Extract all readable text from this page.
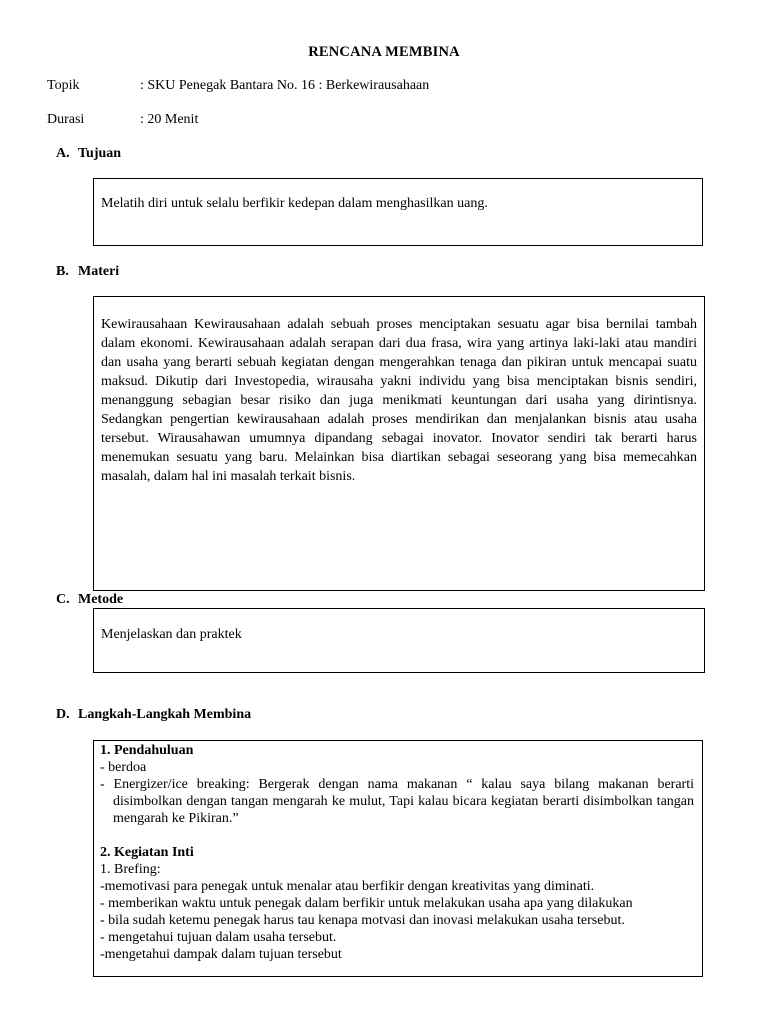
RENCANA MEMBINA
Topik	: SKU Penegak Bantara No. 16 : Berkewirausahaan
Durasi	: 20 Menit
A. Tujuan

Melatih diri untuk selalu berfikir kedepan dalam menghasilkan uang.

B. Materi

Kewirausahaan Kewirausahaan adalah sebuah proses menciptakan sesuatu agar bisa bernilai tambah dalam ekonomi. Kewirausahaan adalah serapan dari dua frasa, wira yang artinya laki-laki atau mandiri dan usaha yang berarti sebuah kegiatan dengan mengerahkan tenaga dan pikiran untuk mencapai suatu maksud. Dikutip dari Investopedia, wirausaha yakni individu yang bisa menciptakan bisnis sendiri, menanggung sebagian besar risiko dan juga menikmati keuntungan dari usaha yang dirintisnya. Sedangkan pengertian kewirausahaan adalah proses mendirikan dan menjalankan bisnis atau usaha tersebut. Wirausahawan umumnya dipandang sebagai inovator. Inovator sendiri tak berarti harus menemukan sesuatu yang baru. Melainkan bisa diartikan sebagai seseorang yang bisa memecahkan masalah, dalam hal ini masalah terkait bisnis.

C. Metode

Menjelaskan dan praktek

D. Langkah-Langkah Membina
1. Pendahuluan
- berdoa
- Energizer/ice breaking: Bergerak dengan nama makanan “ kalau saya bilang makanan berarti
disimbolkan dengan tangan mengarah ke mulut, Tapi kalau bicara kegiatan berarti disimbolkan tangan mengarah ke Pikiran.”
2. Kegiatan Inti
1. Brefing:
-memotivasi para penegak untuk menalar atau berfikir dengan kreativitas yang diminati.
- memberikan waktu untuk penegak dalam berfikir untuk melakukan usaha apa yang dilakukan
- bila sudah ketemu penegak harus tau kenapa motvasi dan inovasi melakukan usaha tersebut.
- mengetahui tujuan dalam usaha tersebut.
-mengetahui dampak dalam tujuan tersebut
